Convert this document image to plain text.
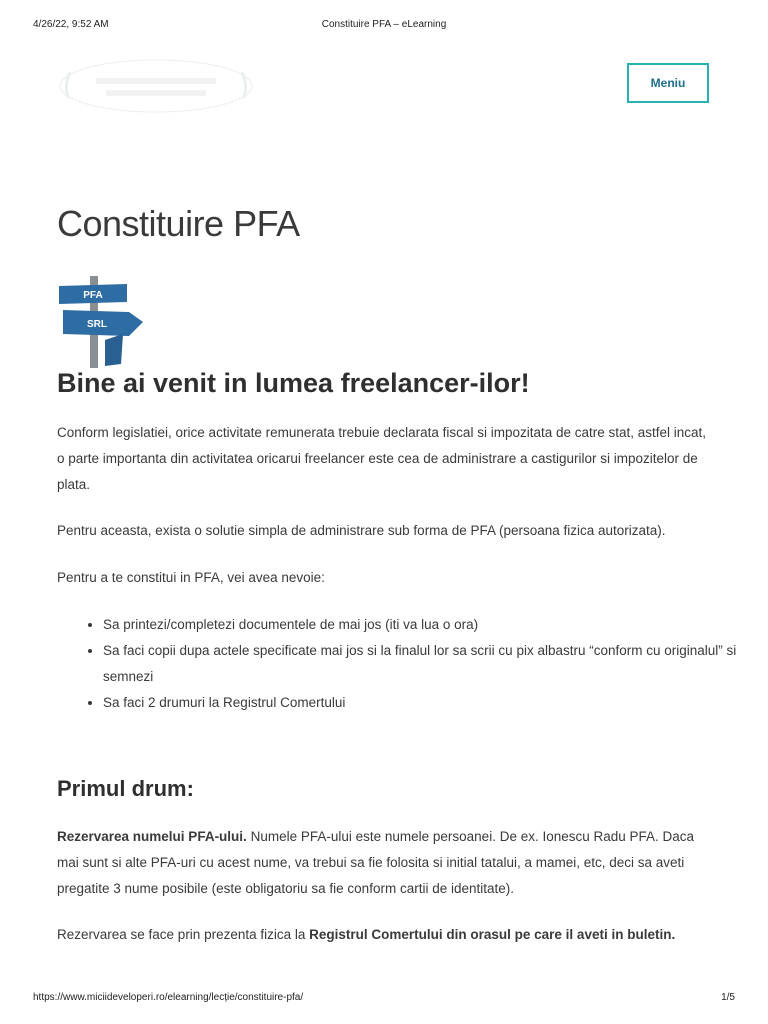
4/26/22, 9:52 AM	Constituire PFA – eLearning
Meniu
Constituire PFA
PFA
SRL
Bine ai venit in lumea freelancer-ilor!

Conform legislatiei, orice activitate remunerata trebuie declarata fiscal si impozitata de catre stat, astfel incat, o parte importanta din activitatea oricarui freelancer este cea de administrare a castigurilor si impozitelor de plata.

Pentru aceasta, exista o solutie simpla de administrare sub forma de PFA (persoana fizica autorizata).

Pentru a te constitui in PFA, vei avea nevoie:

• Sa printezi/completezi documentele de mai jos (iti va lua o ora)
• Sa faci copii dupa actele specificate mai jos si la finalul lor sa scrii cu pix albastru “conform cu originalul” si semnezi
• Sa faci 2 drumuri la Registrul Comertului
Primul drum:

Rezervarea numelui PFA-ului. Numele PFA-ului este numele persoanei. De ex. Ionescu Radu PFA. Daca mai sunt si alte PFA-uri cu acest nume, va trebui sa fie folosita si initial tatalui, a mamei, etc, deci sa aveti pregatite 3 nume posibile (este obligatoriu sa fie conform cartii de identitate).

Rezervarea se face prin prezenta fizica la Registrul Comertului din orasul pe care il aveti in buletin.

https://www.miciideveloperi.ro/elearning/lecție/constituire-pfa/	1/5
